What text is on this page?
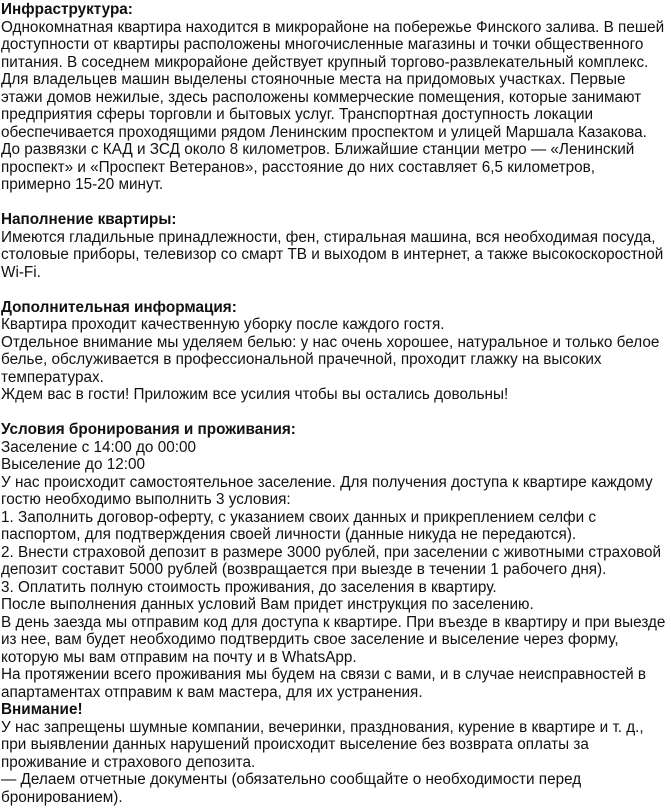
Инфраструктура:

Однокомнатная квартира находится в микрорайоне на побережье Финского залива. В пешей доступности от квартиры расположены многочисленные магазины и точки общественного питания. В соседнем микрорайоне действует крупный торгово-развлекательный комплекс. Для владельцев машин выделены стояночные места на придомовых участках. Первые этажи домов нежилые, здесь расположены коммерческие помещения, которые занимают предприятия сферы торговли и бытовых услуг. Транспортная доступность локации обеспечивается проходящими рядом Ленинским проспектом и улицей Маршала Казакова. До развязки с КАД и ЗСД около 8 километров. Ближайшие станции метро — «Ленинский проспект» и «Проспект Ветеранов», расстояние до них составляет 6,5 километров, примерно 15-20 минут.

Наполнение квартиры:

Имеются гладильные принадлежности, фен, стиральная машина, вся необходимая посуда, столовые приборы, телевизор со смарт ТВ и выходом в интернет, а также высокоскоростной Wi-Fi.

Дополнительная информация:

Квартира проходит качественную уборку после каждого гостя.

Отдельное внимание мы уделяем белью: у нас очень хорошее, натуральное и только белое белье, обслуживается в профессиональной прачечной, проходит глажку на высоких температурах.

Ждем вас в гости! Приложим все усилия чтобы вы остались довольны!

Условия бронирования и проживания:

Заселение с 14:00 до 00:00

Выселение до 12:00

У нас происходит самостоятельное заселение. Для получения доступа к квартире каждому гостю необходимо выполнить 3 условия:

1. Заполнить договор-оферту, с указанием своих данных и прикреплением селфи с паспортом, для подтверждения своей личности (данные никуда не передаются).

2. Внести страховой депозит в размере 3000 рублей, при заселении с животными страховой депозит составит 5000 рублей (возвращается при выезде в течении 1 рабочего дня).

3. Оплатить полную стоимость проживания, до заселения в квартиру.

После выполнения данных условий Вам придет инструкция по заселению.

В день заезда мы отправим код для доступа к квартире. При въезде в квартиру и при выезде из нее, вам будет необходимо подтвердить свое заселение и выселение через форму, которую мы вам отправим на почту и в WhatsApp.

На протяжении всего проживания мы будем на связи с вами, и в случае неисправностей в апартаментах отправим к вам мастера, для их устранения.

Внимание!

У нас запрещены шумные компании, вечеринки, празднования, курение в квартире и т. д., при выявлении данных нарушений происходит выселение без возврата оплаты за проживание и страхового депозита.

— Делаем отчетные документы (обязательно сообщайте о необходимости перед бронированием).
